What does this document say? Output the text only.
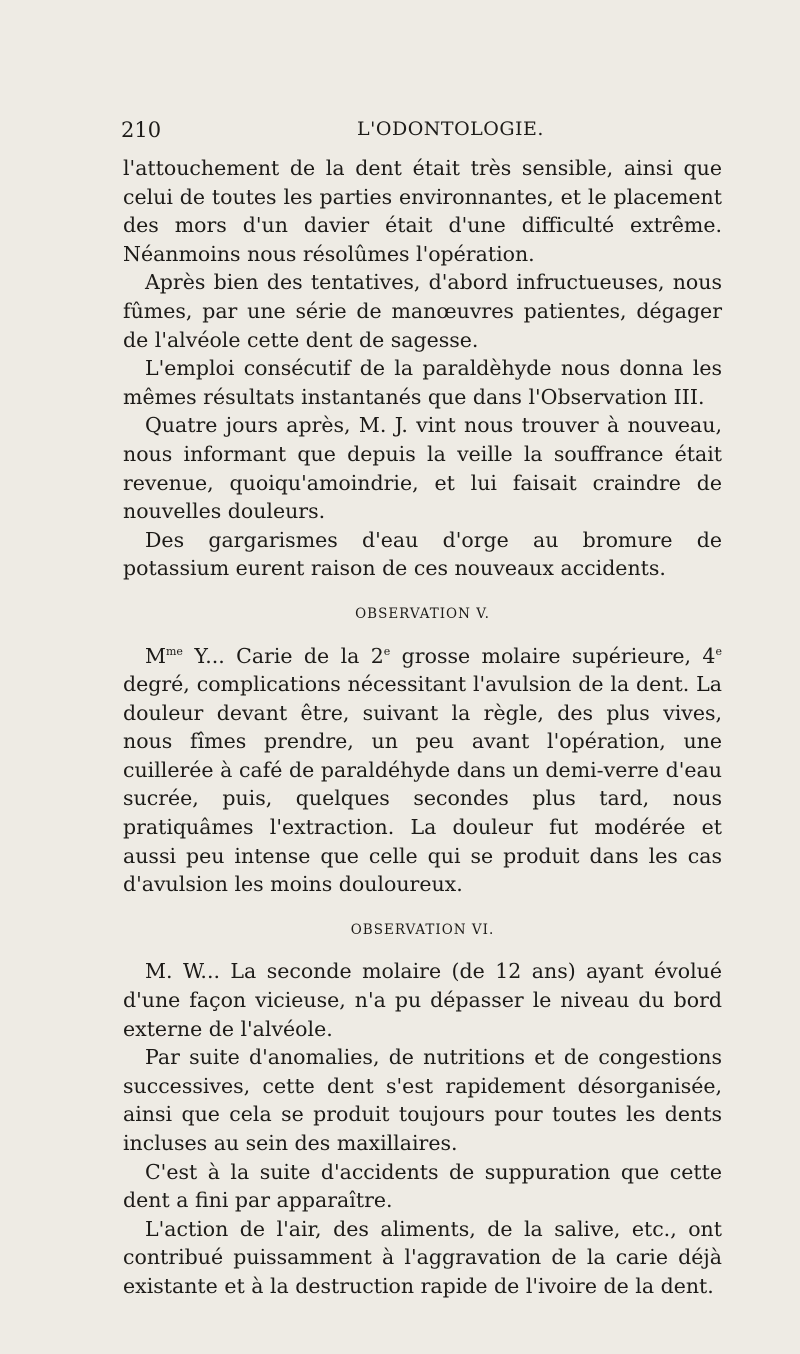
210	L'ODONTOLOGIE.

l'attouchement de la dent était très sensible, ainsi que celui de toutes les parties environnantes, et le placement des mors d'un davier était d'une difficulté extrême. Néanmoins nous résolûmes l'opération.

Après bien des tentatives, d'abord infructueuses, nous fûmes, par une série de manœuvres patientes, dégager de l'alvéole cette dent de sagesse.

L'emploi consécutif de la paraldèhyde nous donna les mêmes résultats instantanés que dans l'Observation III.

Quatre jours après, M. J. vint nous trouver à nouveau, nous informant que depuis la veille la souffrance était revenue, quoiqu'amoindrie, et lui faisait craindre de nouvelles douleurs.

Des gargarismes d'eau d'orge au bromure de potassium eurent raison de ces nouveaux accidents.

OBSERVATION V.

$M^{me}$ Y... Carie de la 2e grosse molaire supérieure, 4e degré, complications nécessitant l'avulsion de la dent. La douleur devant être, suivant la règle, des plus vives, nous fîmes prendre, un peu avant l'opération, une cuillerée à café de paraldéhyde dans un demi-verre d'eau sucrée, puis, quelques secondes plus tard, nous pratiquâmes l'extraction. La douleur fut modérée et aussi peu intense que celle qui se produit dans les cas d'avulsion les moins douloureux.

OBSERVATION VI.

M. W... La seconde molaire (de 12 ans) ayant évolué d'une façon vicieuse, n'a pu dépasser le niveau du bord externe de l'alvéole.

Par suite d'anomalies, de nutritions et de congestions successives, cette dent s'est rapidement désorganisée, ainsi que cela se produit toujours pour toutes les dents incluses au sein des maxillaires.

C'est à la suite d'accidents de suppuration que cette dent a fini par apparaître.

L'action de l'air, des aliments, de la salive, etc., ont contribué puissamment à l'aggravation de la carie déjà existante et à la destruction rapide de l'ivoire de la dent.
